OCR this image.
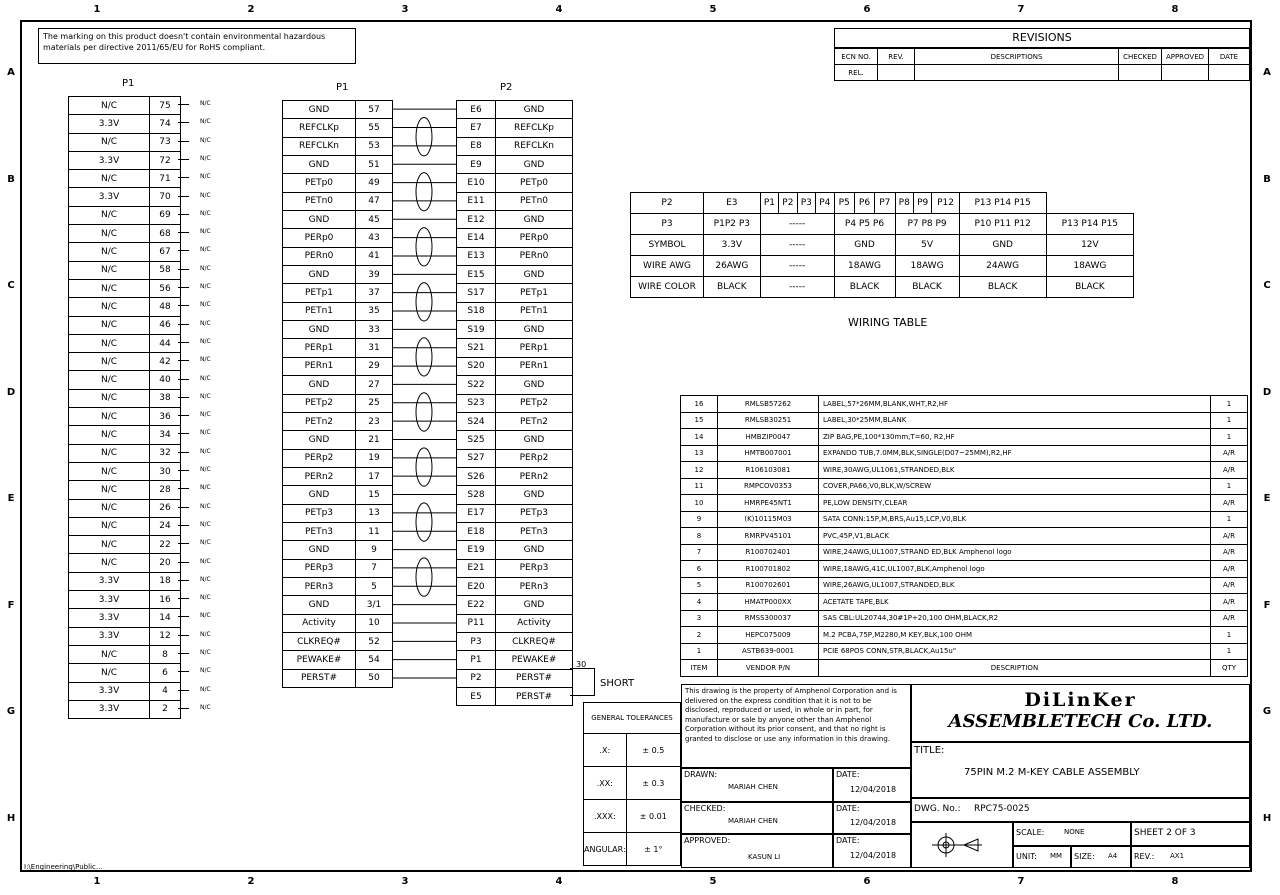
1	2	3	4	5	6	7	8
1	2	3	4	5	6	7	8
A
B
C
D
E
F
G
H
A
B
C
D
E
F
G
H
The marking on this product doesn't contain environmental hazardous materials per directive 2011/65/EU for RoHS compliant.
P1
N/C	75
3.3V	74
N/C	73
3.3V	72
N/C	71
3.3V	70
N/C	69
N/C	68
N/C	67
N/C	58
N/C	56
N/C	48
N/C	46
N/C	44
N/C	42
N/C	40
N/C	38
N/C	36
N/C	34
N/C	32
N/C	30
N/C	28
N/C	26
N/C	24
N/C	22
N/C	20
3.3V	18
3.3V	16
3.3V	14
3.3V	12
N/C	8
N/C	6
3.3V	4
3.3V	2
N/C
N/C
N/C
N/C
N/C
N/C
N/C
N/C
N/C
N/C
N/C
N/C
N/C
N/C
N/C
N/C
N/C
N/C
N/C
N/C
N/C
N/C
N/C
N/C
N/C
N/C
N/C
N/C
N/C
N/C
N/C
N/C
N/C
N/C
P1
GND	57
REFCLKp	55
REFCLKn	53
GND	51
PETp0	49
PETn0	47
GND	45
PERp0	43
PERn0	41
GND	39
PETp1	37
PETn1	35
GND	33
PERp1	31
PERn1	29
GND	27
PETp2	25
PETn2	23
GND	21
PERp2	19
PERn2	17
GND	15
PETp3	13
PETn3	11
GND	9
PERp3	7
PERn3	5
GND	3/1
Activity	10
CLKREQ#	52
PEWAKE#	54
PERST#	50
P2
E6	GND
E7	REFCLKp
E8	REFCLKn
E9	GND
E10	PETp0
E11	PETn0
E12	GND
E14	PERp0
E13	PERn0
E15	GND
S17	PETp1
S18	PETn1
S19	GND
S21	PERp1
S20	PERn1
S22	GND
S23	PETp2
S24	PETn2
S25	GND
S27	PERp2
S26	PERn2
S28	GND
E17	PETp3
E18	PETn3
E19	GND
E21	PERp3
E20	PERn3
E22	GND
P11	Activity
P3	CLKREQ#
P1	PEWAKE#
P2	PERST#
E5	PERST#
30
SHORT
REVISIONS
ECN NO.	REV.	DESCRIPTIONS	CHECKED	APPROVED	DATE
REL.					
P2	E3	P1	P2	P3	P4	P5	P6	P7	P8	P9	P12	P13 P14 P15	
P3	P1P2 P3	-----				P4 P5 P6			P7 P8 P9			P10 P11 P12	P13 P14 P15
SYMBOL	3.3V	-----				GND			5V			GND	12V
WIRE AWG	26AWG	-----				18AWG			18AWG			24AWG	18AWG
WIRE COLOR	BLACK	-----				BLACK			BLACK			BLACK	BLACK
WIRING TABLE
16	RMLSB57262	LABEL,57*26MM,BLANK,WHT,R2,HF	1
15	RMLSB30251	LABEL,30*25MM,BLANK	1
14	HMBZIP0047	ZIP BAG,PE,100*130mm,T=60, R2,HF	1
13	HMTB007001	EXPANDO TUB,7.0MM,BLK,SINGLE(D07~25MM),R2,HF	A/R
12	R106103081	WIRE,30AWG,UL1061,STRANDED,BLK	A/R
11	RMPCOV0353	COVER,PA66,V0,BLK,W/SCREW	1
10	HMRPE45NT1	PE,LOW DENSITY,CLEAR	A/R
9	(K)10115M03	SATA CONN:15P,M,BRS,Au15,LCP,V0,BLK	1
8	RMRPV45101	PVC,45P,V1,BLACK	A/R
7	R100702401	WIRE,24AWG,UL1007,STRAND ED,BLK Amphenol logo	A/R
6	R100701802	WIRE,18AWG,41C,UL1007,BLK,Amphenol logo	A/R
5	R100702601	WIRE,26AWG,UL1007,STRANDED,BLK	A/R
4	HMATP000XX	ACETATE TAPE,BLK	A/R
3	RMSS300037	SAS CBL:UL20744,30#1P+20,100 OHM,BLACK,R2	A/R
2	HEPC075009	M.2 PCBA,75P,M2280,M KEY,BLK,100 OHM	1
1	ASTB639-0001	PCIE 68POS CONN,STR,BLACK,Au15u"	1
ITEM	VENDOR P/N	DESCRIPTION	QTY
GENERAL TOLERANCES	
.X:	± 0.5
.XX:	± 0.3
.XXX:	± 0.01
ANGULAR:	± 1°
This drawing is the property of Amphenol Corporation and is delivered on the express condition that it is not to be disclosed, reproduced or used, in whole or in part, for manufacture or sale by anyone other than Amphenol Corporation without its prior consent, and that no right is granted to disclose or use any information in this drawing.
DRAWN:
MARIAH CHEN
DATE:
12/04/2018
CHECKED:
MARIAH CHEN
DATE:
12/04/2018
APPROVED:
KASUN LI
DATE:
12/04/2018
DiLinKer
ASSEMBLETECH Co. LTD.
TITLE:
75PIN M.2 M-KEY CABLE ASSEMBLY
DWG. No.: RPC75-0025
SCALE:	NONE	SHEET 2 OF 3
UNIT: MM SIZE: A4 REV.: AX1
I:\Engineering\Public...
